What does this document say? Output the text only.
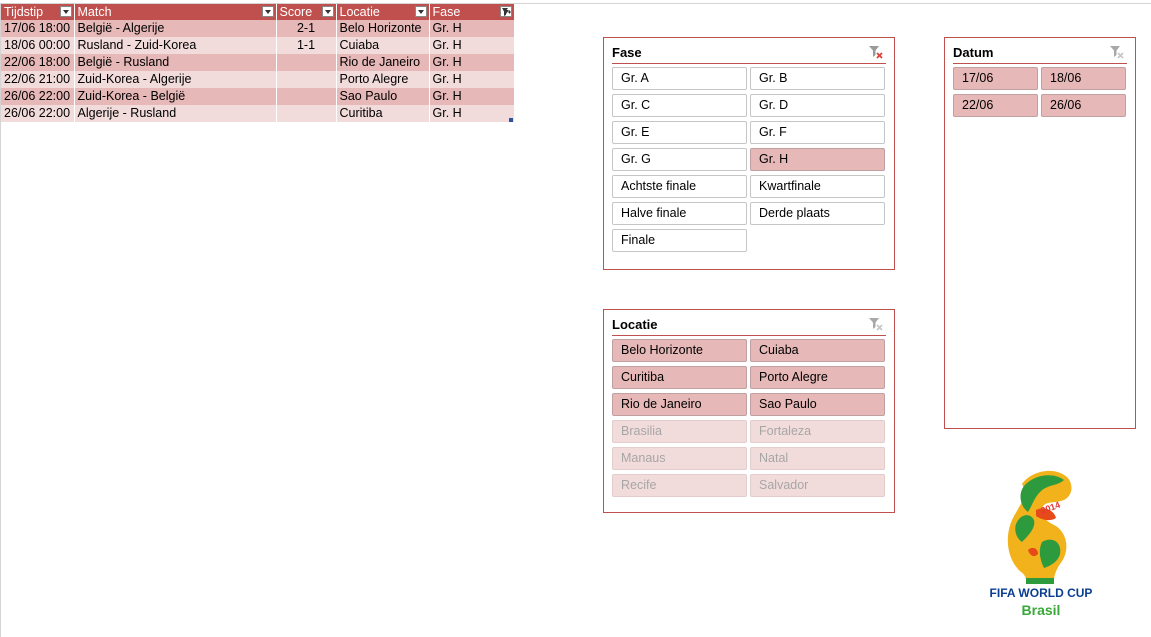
Tijdstip	Match	Score	Locatie	Fase

17/06 18:00	België - Algerije	2-1	Belo Horizonte	Gr. H
18/06 00:00	Rusland - Zuid-Korea	1-1	Cuiaba	Gr. H
22/06 18:00	België - Rusland		Rio de Janeiro	Gr. H
22/06 21:00	Zuid-Korea - Algerije		Porto Alegre	Gr. H
26/06 22:00	Zuid-Korea - België		Sao Paulo	Gr. H
26/06 22:00	Algerije - Rusland		Curitiba	Gr. H
Fase
Gr. A	Gr. B
Gr. C	Gr. D
Gr. E	Gr. F
Gr. G	Gr. H
Achtste finale	Kwartfinale
Halve finale	Derde plaats
Finale
Locatie
Belo Horizonte	Cuiaba
Curitiba	Porto Alegre
Rio de Janeiro	Sao Paulo
Brasilia	Fortaleza
Manaus	Natal
Recife	Salvador
Datum
17/06	18/06
22/06	26/06
2014
FIFA WORLD CUP
Brasil
